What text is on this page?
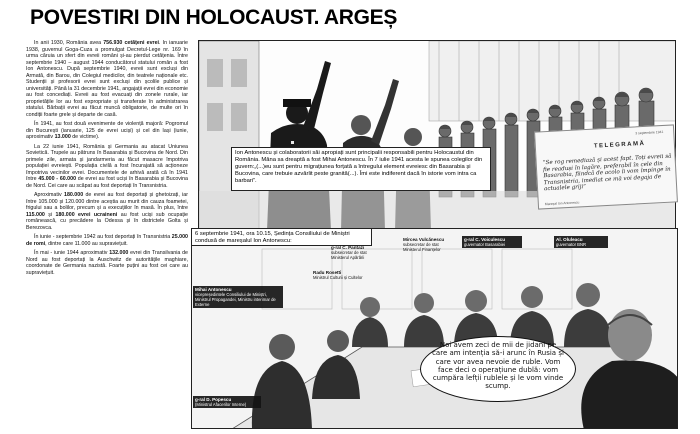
POVESTIRI DIN HOLOCAUST. ARGEȘ

În anii 1930, România avea 756.930 cetățeni evrei. În ianuarie 1938, guvernul Goga-Cuza a promulgat Decretul-Lege nr. 169 în urma căruia un sfert din evreii români și-au pierdut cetățenia. Între septembrie 1940 – august 1944 conducătorul statului român a fost Ion Antonescu. După septembrie 1940, evreii sunt excluși din Armată, din Barou, din Colegiul medicilor, din teatrele naționale etc. Studenții și profesorii evrei sunt excluși din școlile publice și universități. Până la 31 decembrie 1941, angajații evrei din economie au fost concediați. Evreii au fost evacuați din zonele rurale, iar proprietățile lor au fost expropriate și transferate în administrarea statului. Bărbații evrei au făcut muncă obligatorie, de multe ori în condiții foarte grele și departe de casă.

În 1941, au fost două evenimente de violență majoră: Pogromul din București (ianuarie, 125 de evrei uciși) și cel din Iași (iunie, aproximativ 13.000 de victime).

La 22 iunie 1941, România și Germania au atacat Uniunea Sovietică. Trupele au pătruns în Basarabia și Bucovina de Nord. Din primele zile, armata și jandarmeria au făcut masacre împotriva populației evreiești. Populația civilă a fost încurajată să acționeze împotriva vecinilor evrei. Documentele de arhivă arată că în 1941 între 45.000 - 60.000 de evrei au fost uciși în Basarabia și Bucovina de Nord. Cei care au scăpat au fost deportați în Transnistria.

Aproximativ 180.000 de evrei au fost deportați și ghetoizați, iar între 105.000 și 120.000 dintre aceștia au murit din cauza foametei, frigului sau a bolilor, precum și a execuțiilor în masă. În plus, între 115.000 și 180.000 evrei ucraineni au fost uciși sub ocupație românească, cu precădere la Odessa și în districtele Golta și Berezovca.

În iunie - septembrie 1942 au fost deportați în Transnistria 25.000 de romi, dintre care 11.000 au supraviețuit.

În mai - iunie 1944 aproximativ 132.000 evrei din Transilvania de Nord au fost deportați la Auschwitz de autoritățile maghiare, coordonate de Germania nazistă. Foarte puțini au fost cei care au supraviețuit.

3 septembrie 1941
TELEGRAMĂ
“Se rog remediază și acest fapt. Toți evreii să fie readuși în lagăre, preferabil în cele din Basarabia, fiindcă de acolo îi vom împinge în Transnistria, imediat ce mă voi degaja de actualele griji”
Mareșal Ion Antonescu
Ion Antonescu și colaboratorii săi apropiați sunt principalii responsabili pentru Holocaustul din România. Mâna sa dreaptă a fost Mihai Antonescu. În 7 iulie 1941 acesta le spunea colegilor din guvern:„(...)eu sunt pentru migrațiunea forțată a întregului element evreiesc din Basarabia și Bucovina, care trebuie azvârlit peste granită(...). Îmi este indiferent dacă în istorie vom intra ca barbari”.
6 septembrie 1941, ora 10.15, Ședința Consiliului de Miniștri condusă de mareșalul Ion Antonescu:
Radu Rosetti
Ministrul Culturii și Cultelor
g-ral C. Pantazi
subsecretar de stat Ministerul Apărării
Mircea Vulcănescu
subsecretar de stat Ministerul Finanțelor
g-ral C. Voiculescu
guvernator Basarabiei
Al. Oluleacu
guvernator BNR
Mihai Antonescu
vicepreședintele Consiliului de Miniștri, Ministrul Propagandei, Ministru interimar de Externe
g-ral D. Popescu
(Ministrul Afacerilor Interne)
Noi avem zeci de mii de jidani pe care am intenția să-i arunc în Rusia și care vor avea nevoie de ruble. Vom face deci o operațiune dublă: vom cumpăra lefții rublele și le vom vinde scump.
